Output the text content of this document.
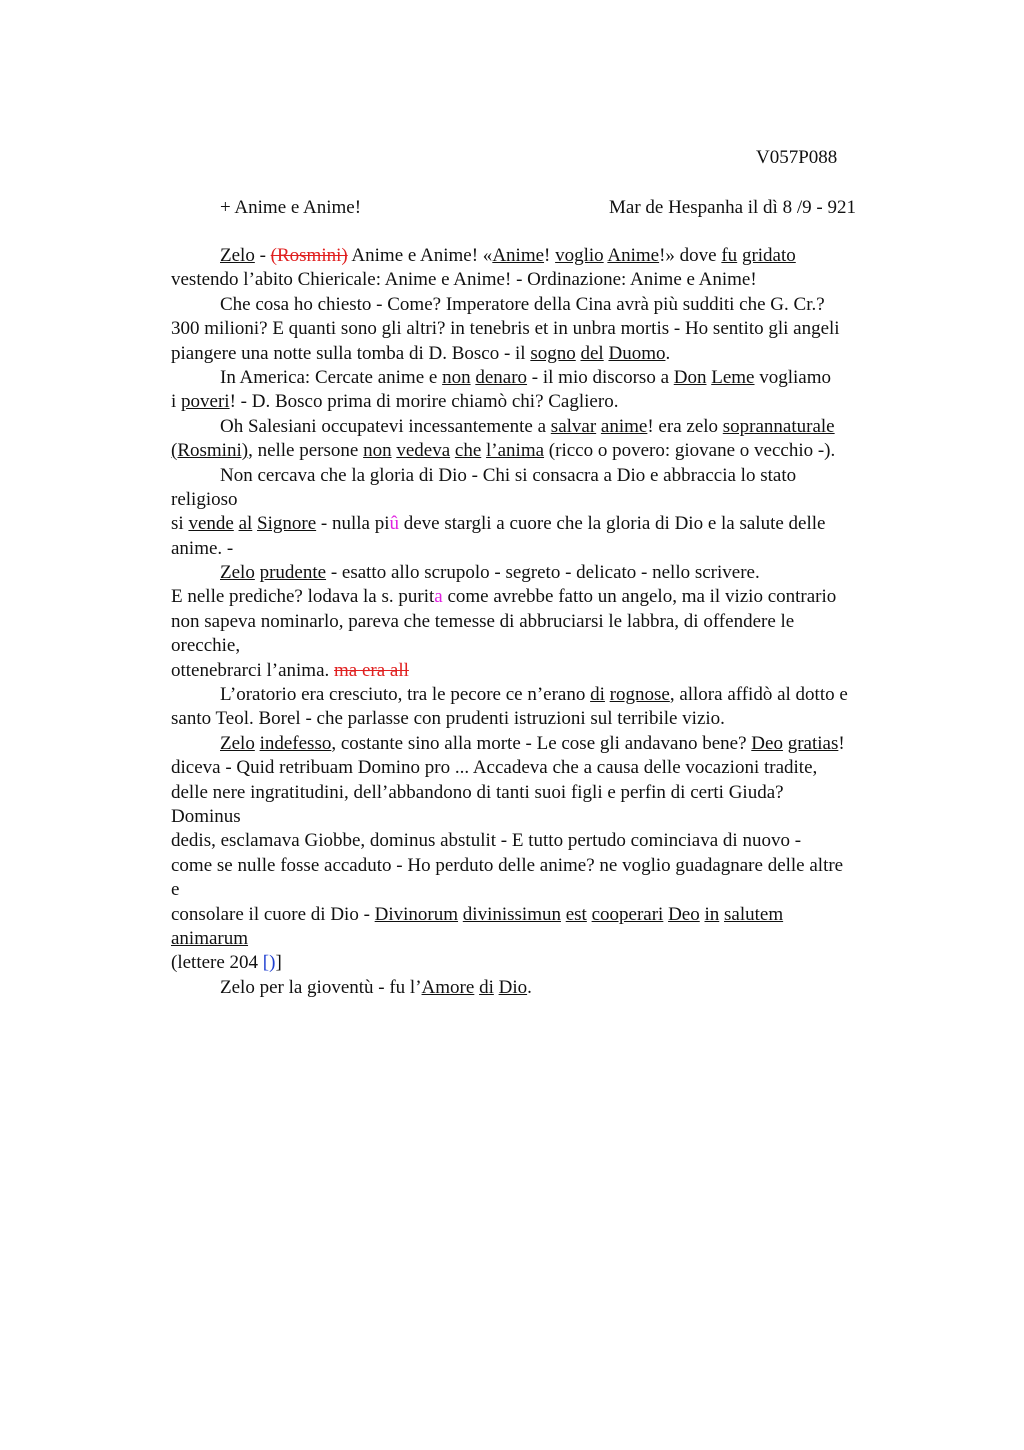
V057P088
+ Anime e Anime!	Mar de Hespanha il dì 8 /9 - 921
Zelo - (Rosmini) Anime e Anime! «Anime! voglio Anime!» dove fu gridato
vestendo l’abito Chiericale: Anime e Anime! - Ordinazione: Anime e Anime!
Che cosa ho chiesto - Come? Imperatore della Cina avrà più sudditi che G. Cr.?
300 milioni? E quanti sono gli altri? in tenebris et in unbra mortis - Ho sentito gli angeli
piangere una notte sulla tomba di D. Bosco - il sogno del Duomo.
In America: Cercate anime e non denaro - il mio discorso a Don Leme vogliamo
i poveri! - D. Bosco prima di morire chiamò chi? Cagliero.
Oh Salesiani occupatevi incessantemente a salvar anime! era zelo soprannaturale
(Rosmini), nelle persone non vedeva che l’anima (ricco o povero: giovane o vecchio -).
Non cercava che la gloria di Dio - Chi si consacra a Dio e abbraccia lo stato
religioso
si vende al Signore - nulla piû deve stargli a cuore che la gloria di Dio e la salute delle
anime. -
Zelo prudente - esatto allo scrupolo - segreto - delicato - nello scrivere.
E nelle prediche? lodava la s. purita come avrebbe fatto un angelo, ma il vizio contrario
non sapeva nominarlo, pareva che temesse di abbruciarsi le labbra, di offendere le
orecchie,
ottenebrarci l’anima. ma era all
L’oratorio era cresciuto, tra le pecore ce n’erano di rognose, allora affidò al dotto e
santo Teol. Borel - che parlasse con prudenti istruzioni sul terribile vizio.
Zelo indefesso, costante sino alla morte - Le cose gli andavano bene? Deo gratias!
diceva - Quid retribuam Domino pro ... Accadeva che a causa delle vocazioni tradite,
delle nere ingratitudini, dell’abbandono di tanti suoi figli e perfin di certi Giuda?
Dominus
dedis, esclamava Giobbe, dominus abstulit - E tutto pertudo cominciava di nuovo -
come se nulle fosse accaduto - Ho perduto delle anime? ne voglio guadagnare delle altre
e
consolare il cuore di Dio - Divinorum divinissimun est cooperari Deo in salutem
animarum
(lettere 204 [)]
Zelo per la gioventù - fu l’Amore di Dio.
